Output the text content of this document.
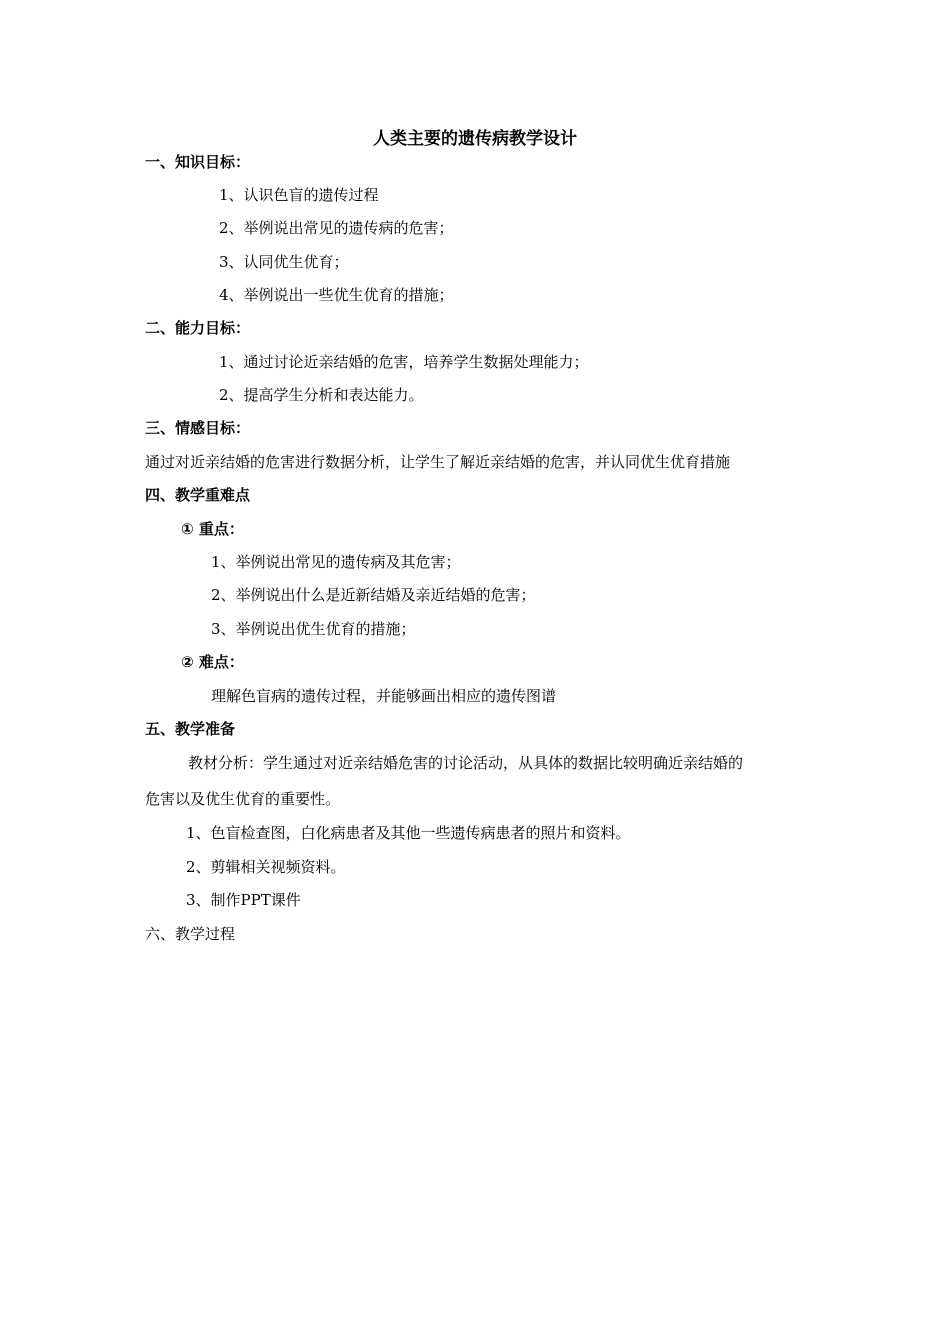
人类主要的遗传病教学设计
一、知识目标：
1、认识色盲的遗传过程
2、举例说出常见的遗传病的危害；
3、认同优生优育；
4、举例说出一些优生优育的措施；
二、能力目标：
1、通过讨论近亲结婚的危害，培养学生数据处理能力；
2、提高学生分析和表达能力。
三、情感目标：
通过对近亲结婚的危害进行数据分析，让学生了解近亲结婚的危害，并认同优生优育措施
四、教学重难点
① 重点：
1、举例说出常见的遗传病及其危害；
2、举例说出什么是近新结婚及亲近结婚的危害；
3、举例说出优生优育的措施；
② 难点：
理解色盲病的遗传过程，并能够画出相应的遗传图谱
五、教学准备
教材分析：学生通过对近亲结婚危害的讨论活动，从具体的数据比较明确近亲结婚的
危害以及优生优育的重要性。
1、色盲检查图，白化病患者及其他一些遗传病患者的照片和资料。
2、剪辑相关视频资料。
3、制作PPT课件
六、教学过程
